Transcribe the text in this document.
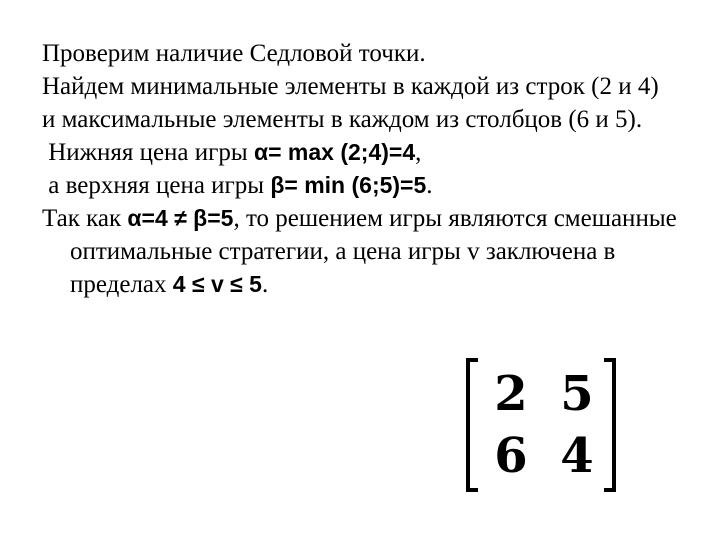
Проверим наличие Седловой точки.

Найдем минимальные элементы в каждой из строк (2 и 4)

и максимальные элементы в каждом из столбцов (6 и 5).

Нижняя цена игры α= max (2;4)=4,

а верхняя цена игры β= min (6;5)=5.

Так как α=4 ≠ β=5, то решением игры являются смешанные оптимальные стратегии, а цена игры v заключена в пределах 4 ≤ v ≤ 5.

2 5
6 4
